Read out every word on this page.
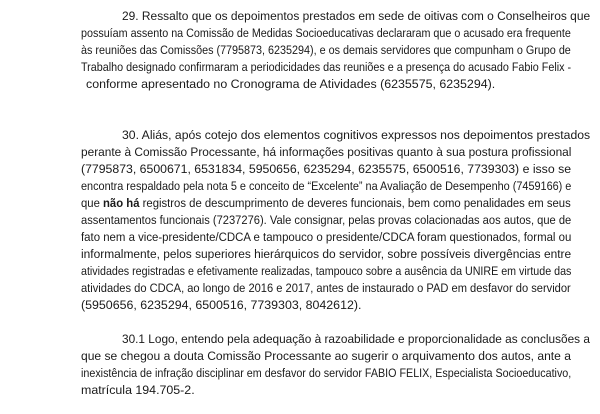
29. Ressalto que os depoimentos prestados em sede de oitivas com o Conselheiros que
possuíam assento na Comissão de Medidas Socioeducativas declararam que o acusado era frequente
às reuniões das Comissões (7795873, 6235294), e os demais servidores que compunham o Grupo de
Trabalho designado confirmaram a periodicidades das reuniões e a presença do acusado Fabio Felix -
conforme apresentado no Cronograma de Atividades (6235575, 6235294).
30. Aliás, após cotejo dos elementos cognitivos expressos nos depoimentos prestados
perante à Comissão Processante, há informações positivas quanto à sua postura profissional
(7795873, 6500671, 6531834, 5950656, 6235294, 6235575, 6500516, 7739303) e isso se
encontra respaldado pela nota 5 e conceito de “Excelente” na Avaliação de Desempenho (7459166) e
que não há registros de descumprimento de deveres funcionais, bem como penalidades em seus
assentamentos funcionais (7237276). Vale consignar, pelas provas colacionadas aos autos, que de
fato nem a vice-presidente/CDCA e tampouco o presidente/CDCA foram questionados, formal ou
informalmente, pelos superiores hierárquicos do servidor, sobre possíveis divergências entre
atividades registradas e efetivamente realizadas, tampouco sobre a ausência da UNIRE em virtude das
atividades do CDCA, ao longo de 2016 e 2017, antes de instaurado o PAD em desfavor do servidor
(5950656, 6235294, 6500516, 7739303, 8042612).
30.1 Logo, entendo pela adequação à razoabilidade e proporcionalidade as conclusões a
que se chegou a douta Comissão Processante ao sugerir o arquivamento dos autos, ante a
inexistência de infração disciplinar em desfavor do servidor FABIO FELIX, Especialista Socioeducativo,
matrícula 194.705-2.
